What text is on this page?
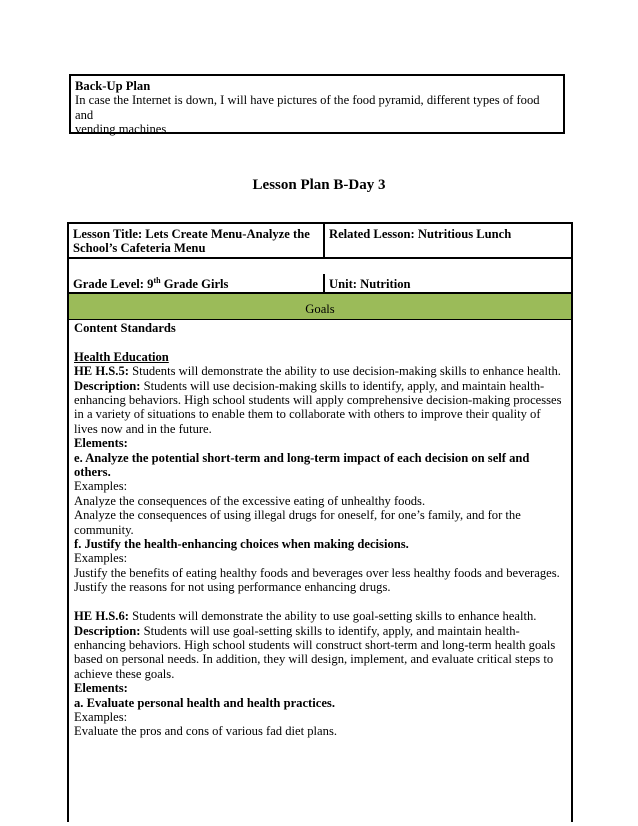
Back-Up Plan

In case the Internet is down, I will have pictures of the food pyramid, different types of food and

vending machines

Lesson Plan B-Day 3
Lesson Title: Lets Create Menu-Analyze the School’s Cafeteria Menu
Related Lesson: Nutritious Lunch
Grade Level: 9th Grade Girls	Unit: Nutrition
Goals

Content Standards

Health Education

HE H.S.5: Students will demonstrate the ability to use decision-making skills to enhance health.

Description: Students will use decision-making skills to identify, apply, and maintain health-

enhancing behaviors. High school students will apply comprehensive decision-making processes

in a variety of situations to enable them to collaborate with others to improve their quality of

lives now and in the future.

Elements:

e. Analyze the potential short-term and long-term impact of each decision on self and

others.

Examples:

Analyze the consequences of the excessive eating of unhealthy foods.

Analyze the consequences of using illegal drugs for oneself, for one’s family, and for the

community.

f. Justify the health-enhancing choices when making decisions.

Examples:

Justify the benefits of eating healthy foods and beverages over less healthy foods and beverages.

Justify the reasons for not using performance enhancing drugs.

HE H.S.6: Students will demonstrate the ability to use goal-setting skills to enhance health.

Description: Students will use goal-setting skills to identify, apply, and maintain health-

enhancing behaviors. High school students will construct short-term and long-term health goals

based on personal needs. In addition, they will design, implement, and evaluate critical steps to

achieve these goals.

Elements:

a. Evaluate personal health and health practices.

Examples:

Evaluate the pros and cons of various fad diet plans.
